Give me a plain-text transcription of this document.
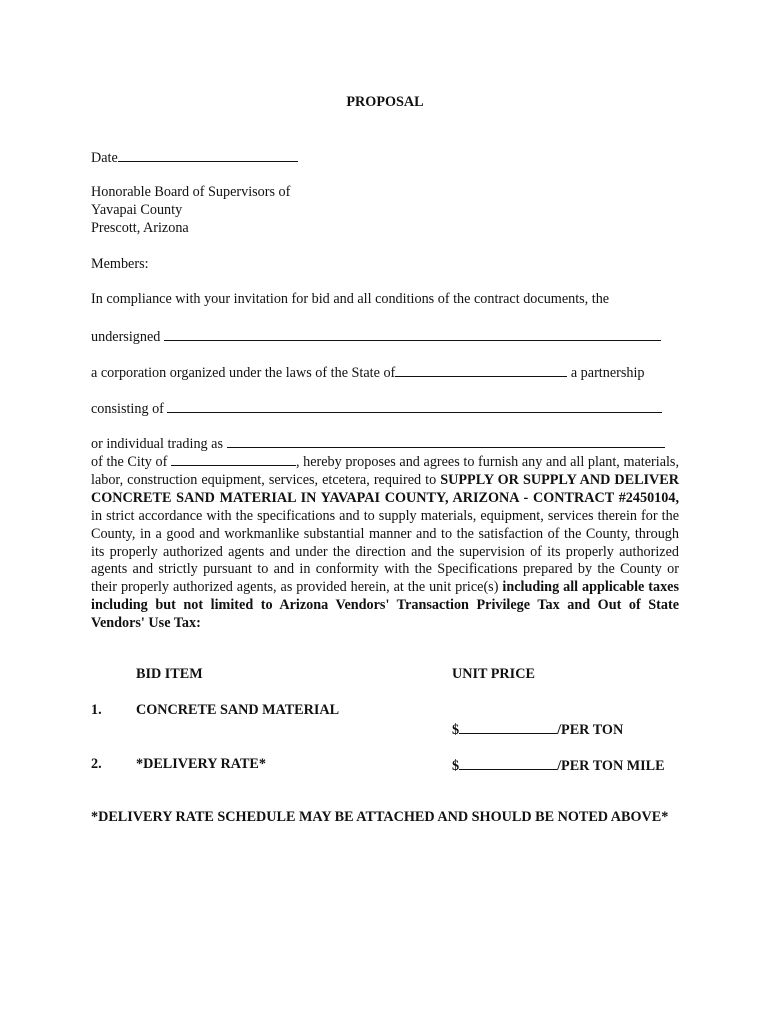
PROPOSAL
Date
Honorable Board of Supervisors of
Yavapai County
Prescott, Arizona
Members:
In compliance with your invitation for bid and all conditions of the contract documents, the
undersigned
a corporation organized under the laws of the State of	a partnership
consisting of
or individual trading as
of the City of	, hereby proposes and agrees to furnish any and all plant, materials, labor, construction equipment, services, etcetera, required to SUPPLY OR SUPPLY AND DELIVER CONCRETE SAND MATERIAL IN YAVAPAI COUNTY, ARIZONA - CONTRACT #2450104, in strict accordance with the specifications and to supply materials, equipment, services therein for the County, in a good and workmanlike substantial manner and to the satisfaction of the County, through its properly authorized agents and under the direction and the supervision of its properly authorized agents and strictly pursuant to and in conformity with the Specifications prepared by the County or their properly authorized agents, as provided herein, at the unit price(s) including all applicable taxes including but not limited to Arizona Vendors' Transaction Privilege Tax and Out of State Vendors' Use Tax:
BID ITEM	UNIT PRICE
1. CONCRETE SAND MATERIAL
$	/PER TON
2. *DELIVERY RATE*	$	/PER TON MILE
*DELIVERY RATE SCHEDULE MAY BE ATTACHED AND SHOULD BE NOTED ABOVE*
